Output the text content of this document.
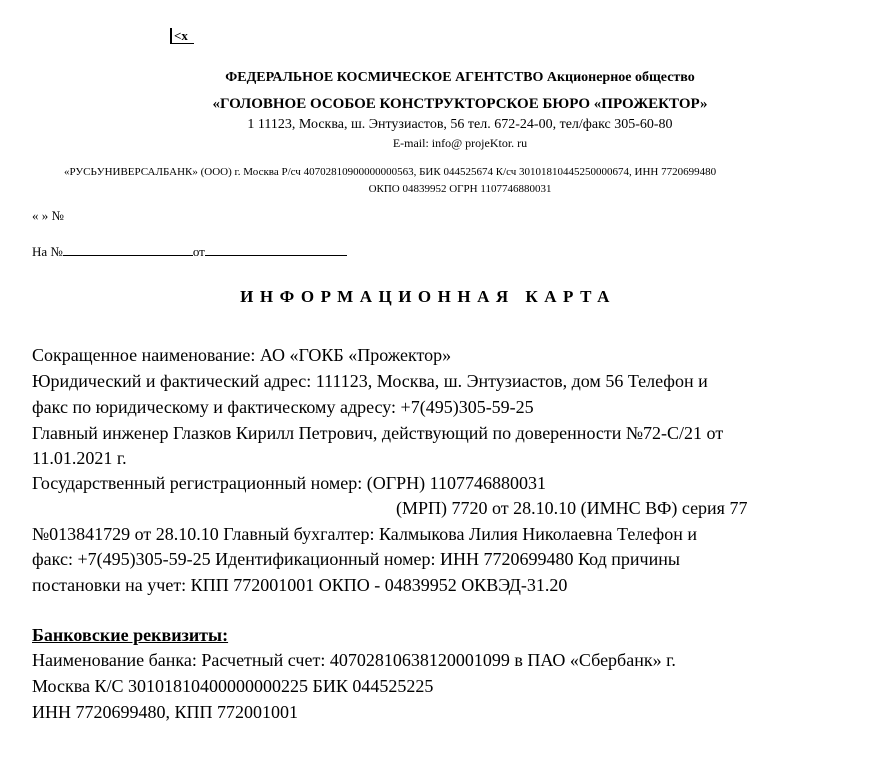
<x
ФЕДЕРАЛЬНОЕ КОСМИЧЕСКОЕ АГЕНТСТВО Акционерное общество
«ГОЛОВНОЕ ОСОБОЕ КОНСТРУКТОРСКОЕ БЮРО «ПРОЖЕКТОР»
1 11123, Москва, ш. Энтузиастов, 56 тел. 672-24-00, тел/факс 305-60-80
E-mail: info@ projeKtor. ru
«РУСЬУНИВЕРСАЛБАНК» (ООО) г. Москва Р/сч 40702810900000000563, БИК 044525674 К/сч 30101810445250000674, ИНН 7720699480
ОКПО 04839952 ОГРН 1107746880031
« » №
На №	от
ИНФОРМАЦИОННАЯ КАРТА
Сокращенное наименование: АО «ГОКБ «Прожектор»
Юридический и фактический адрес: 111123, Москва, ш. Энтузиастов, дом 56 Телефон и
факс по юридическому и фактическому адресу: +7(495)305-59-25
Главный инженер Глазков Кирилл Петрович, действующий по доверенности №72-С/21 от
11.01.2021 г.
Государственный регистрационный номер: (ОГРН) 1107746880031
(МРП) 7720 от 28.10.10 (ИМНС ВФ) серия 77
№013841729 от 28.10.10 Главный бухгалтер: Калмыкова Лилия Николаевна Телефон и
факс: +7(495)305-59-25 Идентификационный номер: ИНН 7720699480 Код причины
постановки на учет: КПП 772001001 ОКПО - 04839952 ОКВЭД-31.20
Банковские реквизиты:
Наименование банка: Расчетный счет: 40702810638120001099 в ПАО «Сбербанк» г.
Москва К/С 30101810400000000225 БИК 044525225
ИНН 7720699480, КПП 772001001
